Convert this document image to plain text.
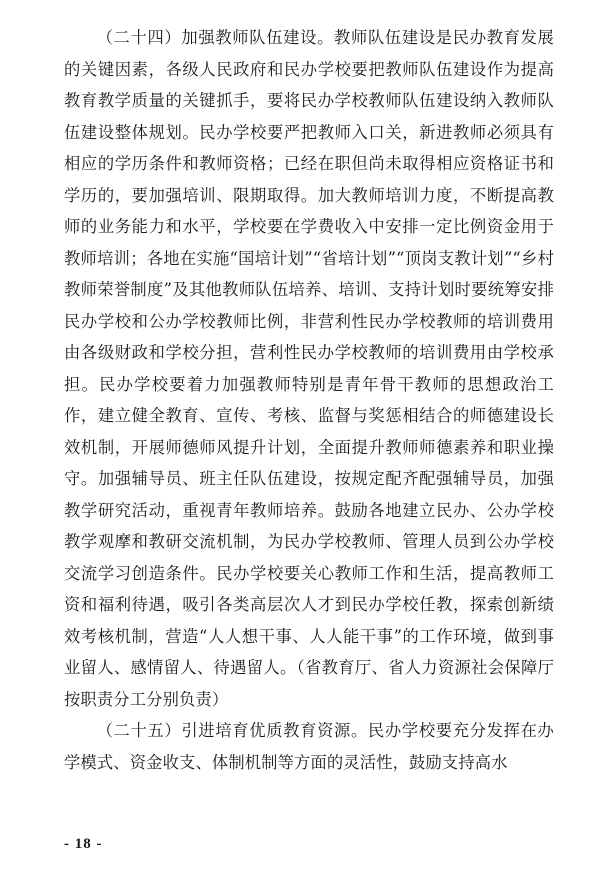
（二十四）加强教师队伍建设。教师队伍建设是民办教育发展的关键因素，各级人民政府和民办学校要把教师队伍建设作为提高教育教学质量的关键抓手，要将民办学校教师队伍建设纳入教师队伍建设整体规划。民办学校要严把教师入口关，新进教师必须具有相应的学历条件和教师资格；已经在职但尚未取得相应资格证书和学历的，要加强培训、限期取得。加大教师培训力度，不断提高教师的业务能力和水平，学校要在学费收入中安排一定比例资金用于教师培训；各地在实施“国培计划”“省培计划”“顶岗支教计划”“乡村教师荣誉制度”及其他教师队伍培养、培训、支持计划时要统筹安排民办学校和公办学校教师比例，非营利性民办学校教师的培训费用由各级财政和学校分担，营利性民办学校教师的培训费用由学校承担。民办学校要着力加强教师特别是青年骨干教师的思想政治工作，建立健全教育、宣传、考核、监督与奖惩相结合的师德建设长效机制，开展师德师风提升计划，全面提升教师师德素养和职业操守。加强辅导员、班主任队伍建设，按规定配齐配强辅导员，加强教学研究活动，重视青年教师培养。鼓励各地建立民办、公办学校教学观摩和教研交流机制，为民办学校教师、管理人员到公办学校交流学习创造条件。民办学校要关心教师工作和生活，提高教师工资和福利待遇，吸引各类高层次人才到民办学校任教，探索创新绩效考核机制，营造“人人想干事、人人能干事”的工作环境，做到事业留人、感情留人、待遇留人。（省教育厅、省人力资源社会保障厅按职责分工分别负责）

（二十五）引进培育优质教育资源。民办学校要充分发挥在办学模式、资金收支、体制机制等方面的灵活性，鼓励支持高水

- 18 -
